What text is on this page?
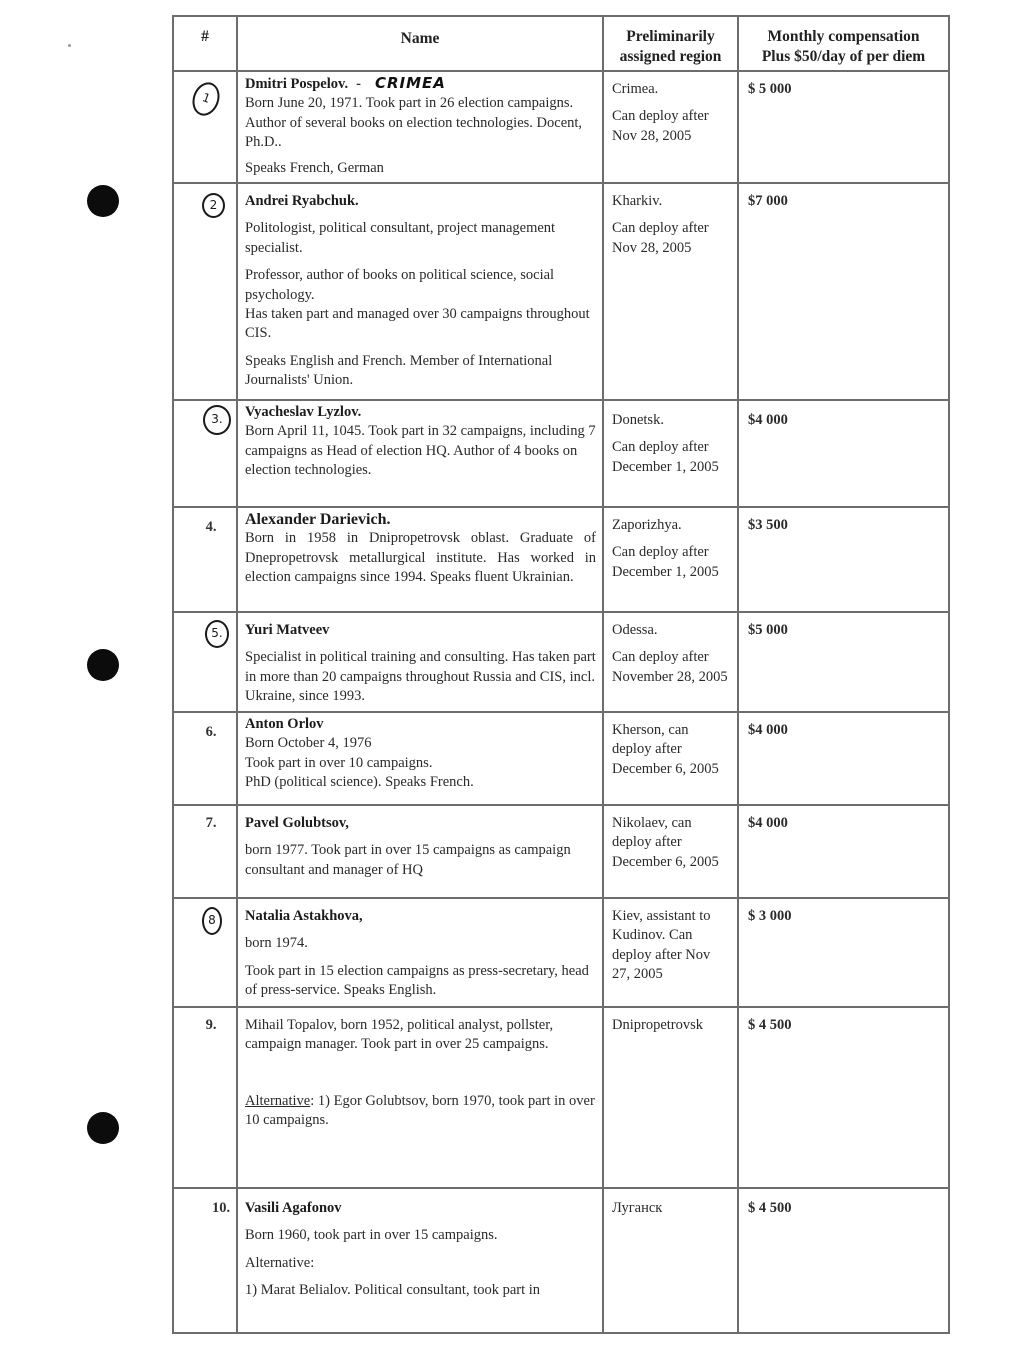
#	Name	Preliminarily
assigned region

Monthly compensation
Plus $50/day of per diem

1

Dmitri Pospelov. - CRIMEA

Born June 20, 1971. Took part in 26 election campaigns. Author of several books on election technologies. Docent, Ph.D..

Speaks French, German

Crimea.

Can deploy after Nov 28, 2005

	$ 5 000

2	Andrei Ryabchuk.

Politologist, political consultant, project management specialist.

Professor, author of books on political science, social psychology.

Has taken part and managed over 30 campaigns throughout CIS.

Speaks English and French. Member of International Journalists' Union.

Kharkiv.

Can deploy after Nov 28, 2005

	$7 000

3.	Vyacheslav Lyzlov.

Born April 11, 1045. Took part in 32 campaigns, including 7 campaigns as Head of election HQ. Author of 4 books on election technologies.

Donetsk.

Can deploy after December 1, 2005

	$4 000
4.	Alexander Darievich.

Born in 1958 in Dnipropetrovsk oblast. Graduate of Dnepropetrovsk metallurgical institute. Has worked in election campaigns since 1994. Speaks fluent Ukrainian.

Zaporizhya.

Can deploy after December 1, 2005

	$3 500

5.	Yuri Matveev

Specialist in political training and consulting. Has taken part in more than 20 campaigns throughout Russia and CIS, incl. Ukraine, since 1993.

Odessa.

Can deploy after November 28, 2005

	$5 000
6.	Anton Orlov

Born October 4, 1976

Took part in over 10 campaigns.

PhD (political science). Speaks French.

Kherson, can deploy after December 6, 2005

	$4 000
7.	Pavel Golubtsov,

born 1977. Took part in over 15 campaigns as campaign consultant and manager of HQ

Nikolaev, can deploy after December 6, 2005

	$4 000

8	Natalia Astakhova,

born 1974.

Took part in 15 election campaigns as press-secretary, head of press-service. Speaks English.

Kiev, assistant to Kudinov. Can deploy after Nov 27, 2005

	$ 3 000
9.	Mihail Topalov, born 1952, political analyst, pollster, campaign manager. Took part in over 25 campaigns.

Alternative: 1) Egor Golubtsov, born 1970, took part in over 10 campaigns.

Dnipropetrovsk	$ 4 500
10.	Vasili Agafonov

Born 1960, took part in over 15 campaigns.

Alternative:

1) Marat Belialov. Political consultant, took part in

Луганск	$ 4 500
